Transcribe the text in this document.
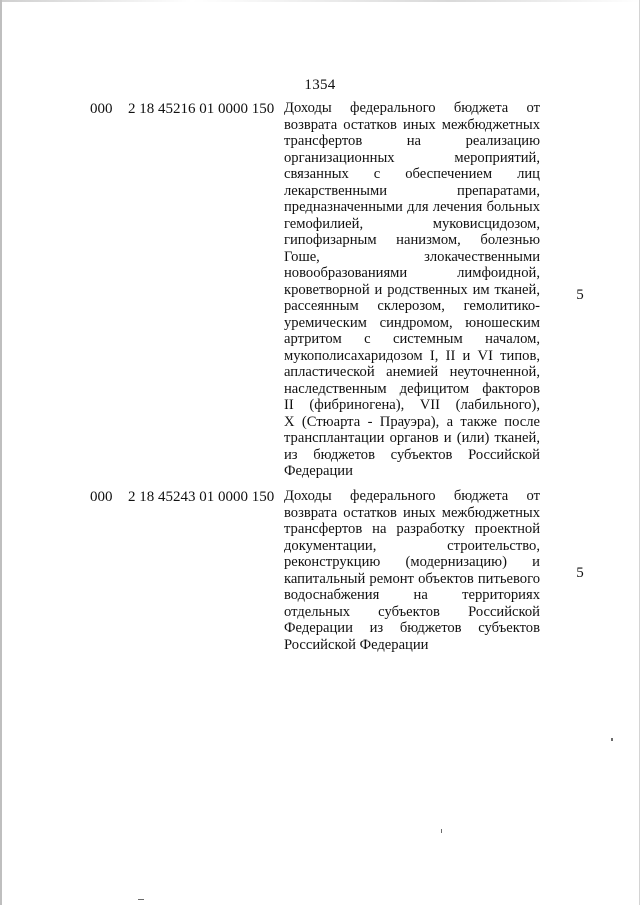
1354
000	2 18 45216 01 0000 150 Доходы федерального бюджета от
возврата остатков иных межбюджетных
трансфертов на реализацию
организационных мероприятий,
связанных с обеспечением лиц
лекарственными препаратами,
предназначенными для лечения больных
гемофилией, муковисцидозом,
гипофизарным нанизмом, болезнью
Гоше, злокачественными
новообразованиями лимфоидной,
кроветворной и родственных им тканей,
рассеянным склерозом, гемолитико-
уремическим синдромом, юношеским
артритом с системным началом,
мукополисахаридозом I, II и VI типов,
апластической анемией неуточненной,
наследственным дефицитом факторов
II (фибриногена), VII (лабильного),
X (Стюарта - Прауэра), а также после
трансплантации органов и (или) тканей,
из бюджетов субъектов Российской
Федерации
5
000	2 18 45243 01 0000 150 Доходы федерального бюджета от
возврата остатков иных межбюджетных
трансфертов на разработку проектной
документации, строительство,
реконструкцию (модернизацию) и
капитальный ремонт объектов питьевого
водоснабжения на территориях
отдельных субъектов Российской
Федерации из бюджетов субъектов
Российской Федерации
5
